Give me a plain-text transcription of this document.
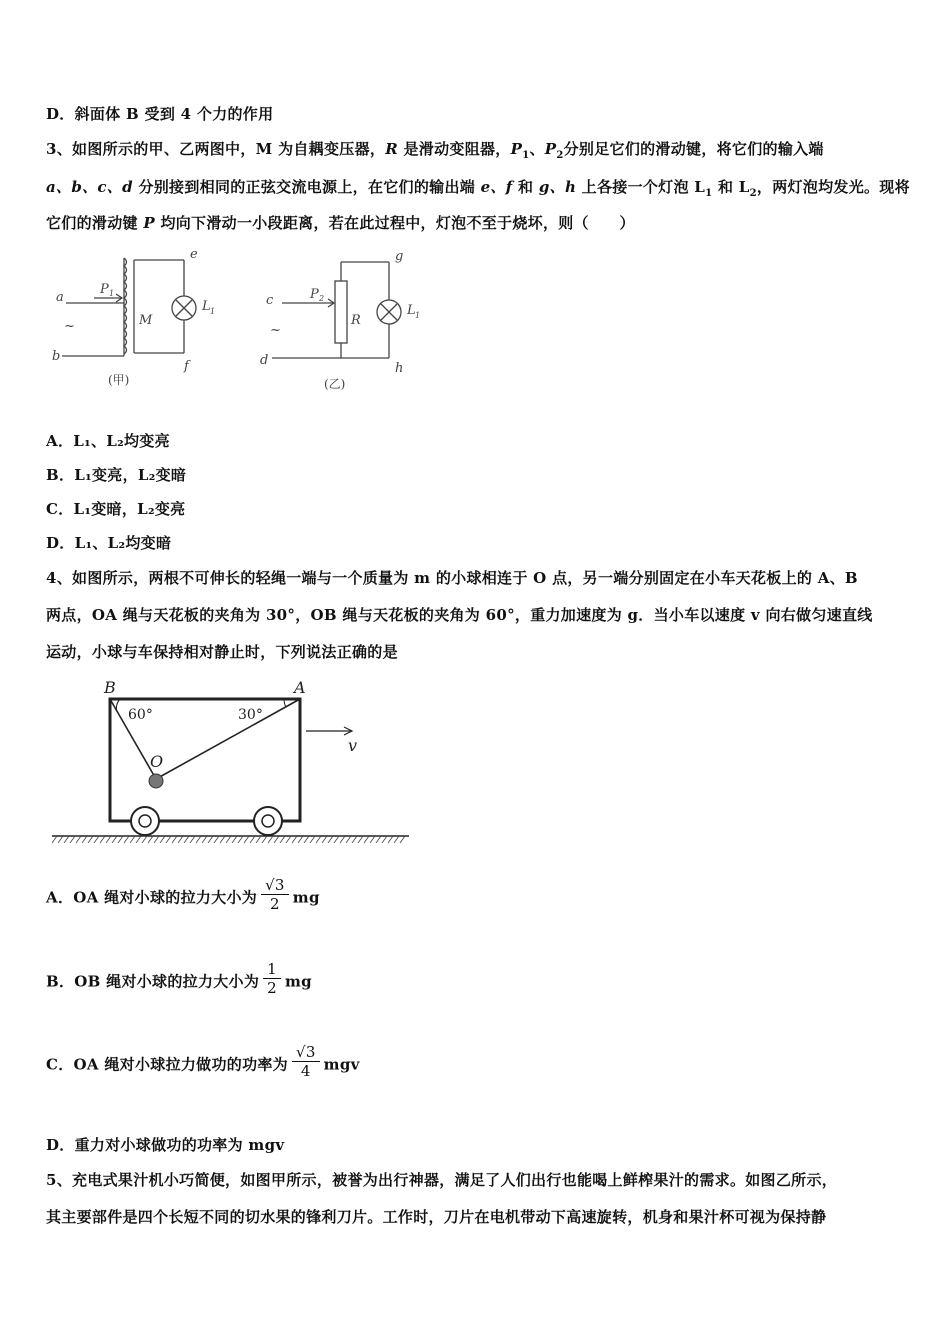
D．斜面体 B 受到 4 个力的作用
3、如图所示的甲、乙两图中，M 为自耦变压器，R 是滑动变阻器，$P_1$、$P_2$分别足它们的滑动键，将它们的输入端
a、b、c、d 分别接到相同的正弦交流电源上，在它们的输出端 e、f 和 g、h 上各接一个灯泡 $L_1$ 和 $L_2$，两灯泡均发光。现将
它们的滑动键 P 均向下滑动一小段距离，若在此过程中，灯泡不至于烧坏，则（　　）
a
b
~
P 1
M
e
f
L 1
(甲)
c
d
~
P 2
R
g
h
L 1
(乙)
A．L₁、L₂均变亮
B．L₁变亮，L₂变暗
C．L₁变暗，L₂变亮
D．L₁、L₂均变暗
4、如图所示，两根不可伸长的轻绳一端与一个质量为 m 的小球相连于 O 点，另一端分别固定在小车天花板上的 A、B
两点，OA 绳与天花板的夹角为 30°，OB 绳与天花板的夹角为 60°，重力加速度为 g．当小车以速度 v 向右做匀速直线
运动，小球与车保持相对静止时，下列说法正确的是
B	A
O
v
60°	30°
A．OA 绳对小球的拉力大小为 $\frac{√3}{2}$ mg
B．OB 绳对小球的拉力大小为 $\frac{1}{2}$ mg
C．OA 绳对小球拉力做功的功率为 $\frac{√3}{4}$ mgv
D．重力对小球做功的功率为 mgv
5、充电式果汁机小巧简便，如图甲所示，被誉为出行神器，满足了人们出行也能喝上鲜榨果汁的需求。如图乙所示，
其主要部件是四个长短不同的切水果的锋利刀片。工作时，刀片在电机带动下高速旋转，机身和果汁杯可视为保持静
